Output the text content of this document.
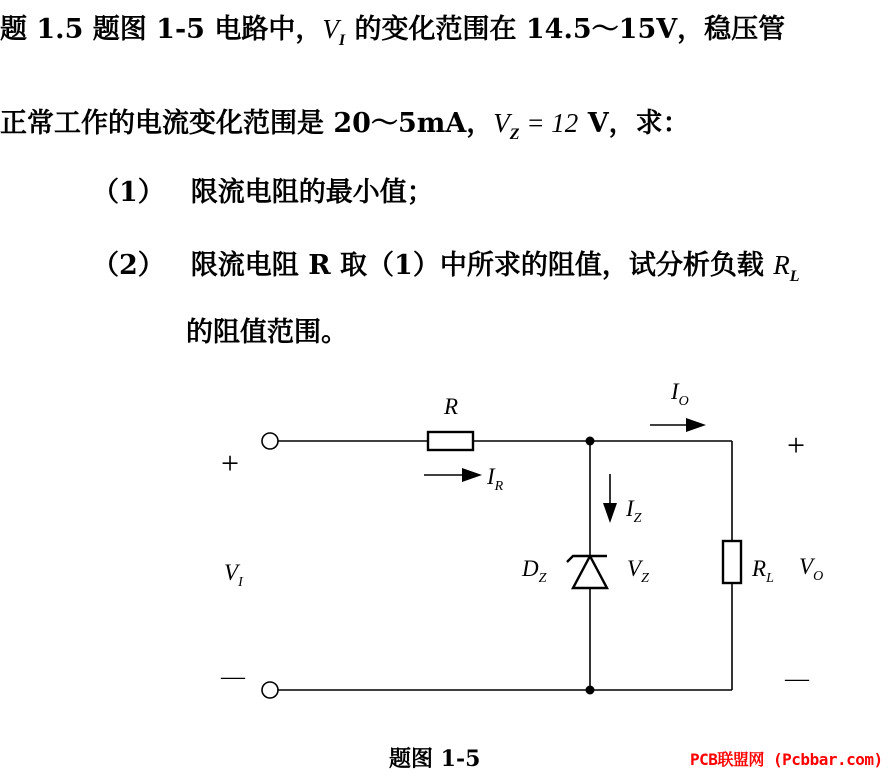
题 1.5 题图 1-5 电路中，$V_I$ 的变化范围在 14.5～15V，稳压管
正常工作的电流变化范围是 20～5mA，$V_Z = 12$ V，求：
（1） 限流电阻的最小值；
（2） 限流电阻 R 取（1）中所求的阻值，试分析负载 $R_L$
的阻值范围。
R
$I_O$
$I_R$
$I_Z$
$D_Z$	$V_Z$	$R_L$ $V_O$
$V_I$
+
—
+
—
题图 1-5	PCB联盟网 (Pcbbar.com)
